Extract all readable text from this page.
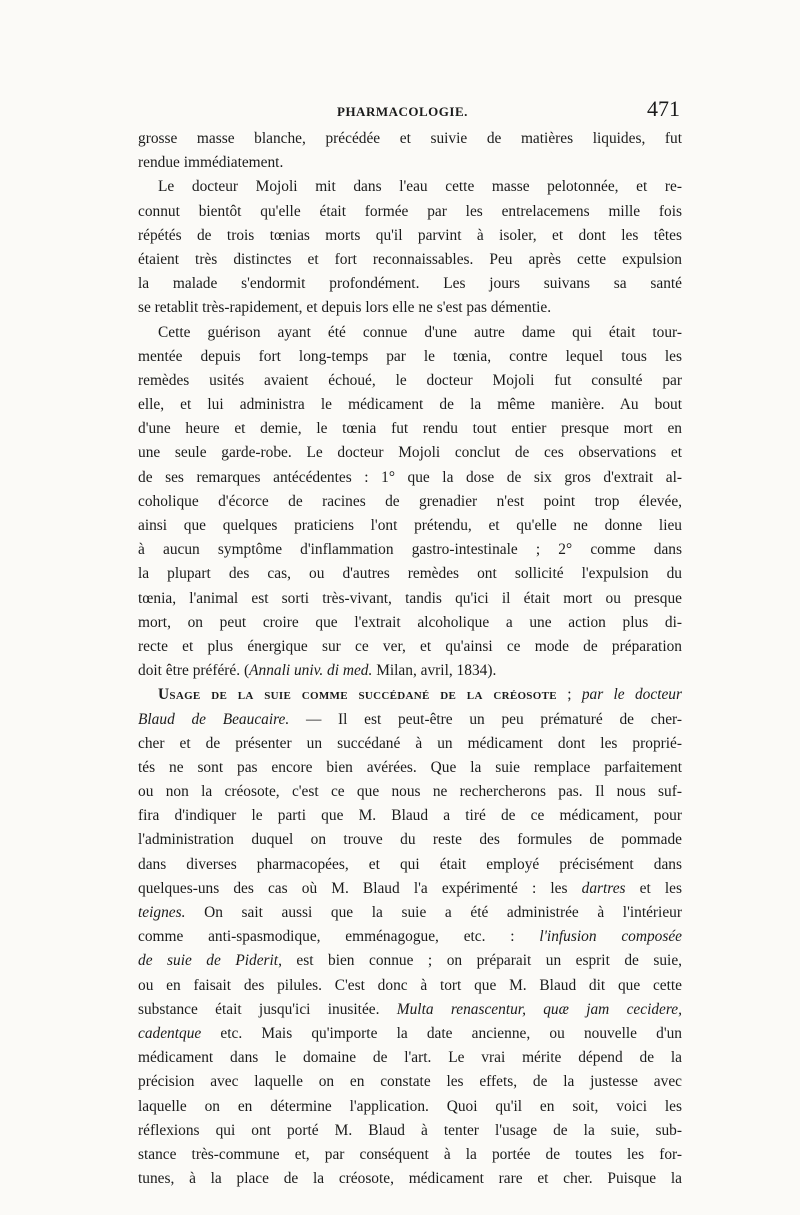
PHARMACOLOGIE.	471
grosse masse blanche, précédée et suivie de matières liquides, fut
rendue immédiatement.
Le docteur Mojoli mit dans l'eau cette masse pelotonnée, et re-
connut bientôt qu'elle était formée par les entrelacemens mille fois
répétés de trois tœnias morts qu'il parvint à isoler, et dont les têtes
étaient très distinctes et fort reconnaissables. Peu après cette expulsion
la malade s'endormit profondément. Les jours suivans sa santé
se retablit très-rapidement, et depuis lors elle ne s'est pas démentie.
Cette guérison ayant été connue d'une autre dame qui était tour-
mentée depuis fort long-temps par le tœnia, contre lequel tous les
remèdes usités avaient échoué, le docteur Mojoli fut consulté par
elle, et lui administra le médicament de la même manière. Au bout
d'une heure et demie, le tœnia fut rendu tout entier presque mort en
une seule garde-robe. Le docteur Mojoli conclut de ces observations et
de ses remarques antécédentes : 1° que la dose de six gros d'extrait al-
coholique d'écorce de racines de grenadier n'est point trop élevée,
ainsi que quelques praticiens l'ont prétendu, et qu'elle ne donne lieu
à aucun symptôme d'inflammation gastro-intestinale ; 2° comme dans
la plupart des cas, ou d'autres remèdes ont sollicité l'expulsion du
tœnia, l'animal est sorti très-vivant, tandis qu'ici il était mort ou presque
mort, on peut croire que l'extrait alcoholique a une action plus di-
recte et plus énergique sur ce ver, et qu'ainsi ce mode de préparation
doit être préféré. (Annali univ. di med. Milan, avril, 1834).
Usage de la suie comme succédané de la créosote ; par le docteur
Blaud de Beaucaire. — Il est peut-être un peu prématuré de cher-
cher et de présenter un succédané à un médicament dont les proprié-
tés ne sont pas encore bien avérées. Que la suie remplace parfaitement
ou non la créosote, c'est ce que nous ne rechercherons pas. Il nous suf-
fira d'indiquer le parti que M. Blaud a tiré de ce médicament, pour
l'administration duquel on trouve du reste des formules de pommade
dans diverses pharmacopées, et qui était employé précisément dans
quelques-uns des cas où M. Blaud l'a expérimenté : les dartres et les
teignes. On sait aussi que la suie a été administrée à l'intérieur
comme anti-spasmodique, emménagogue, etc. : l'infusion composée
de suie de Piderit, est bien connue ; on préparait un esprit de suie,
ou en faisait des pilules. C'est donc à tort que M. Blaud dit que cette
substance était jusqu'ici inusitée. Multa renascentur, quæ jam cecidere,
cadentque etc. Mais qu'importe la date ancienne, ou nouvelle d'un
médicament dans le domaine de l'art. Le vrai mérite dépend de la
précision avec laquelle on en constate les effets, de la justesse avec
laquelle on en détermine l'application. Quoi qu'il en soit, voici les
réflexions qui ont porté M. Blaud à tenter l'usage de la suie, sub-
stance très-commune et, par conséquent à la portée de toutes les for-
tunes, à la place de la créosote, médicament rare et cher. Puisque la
